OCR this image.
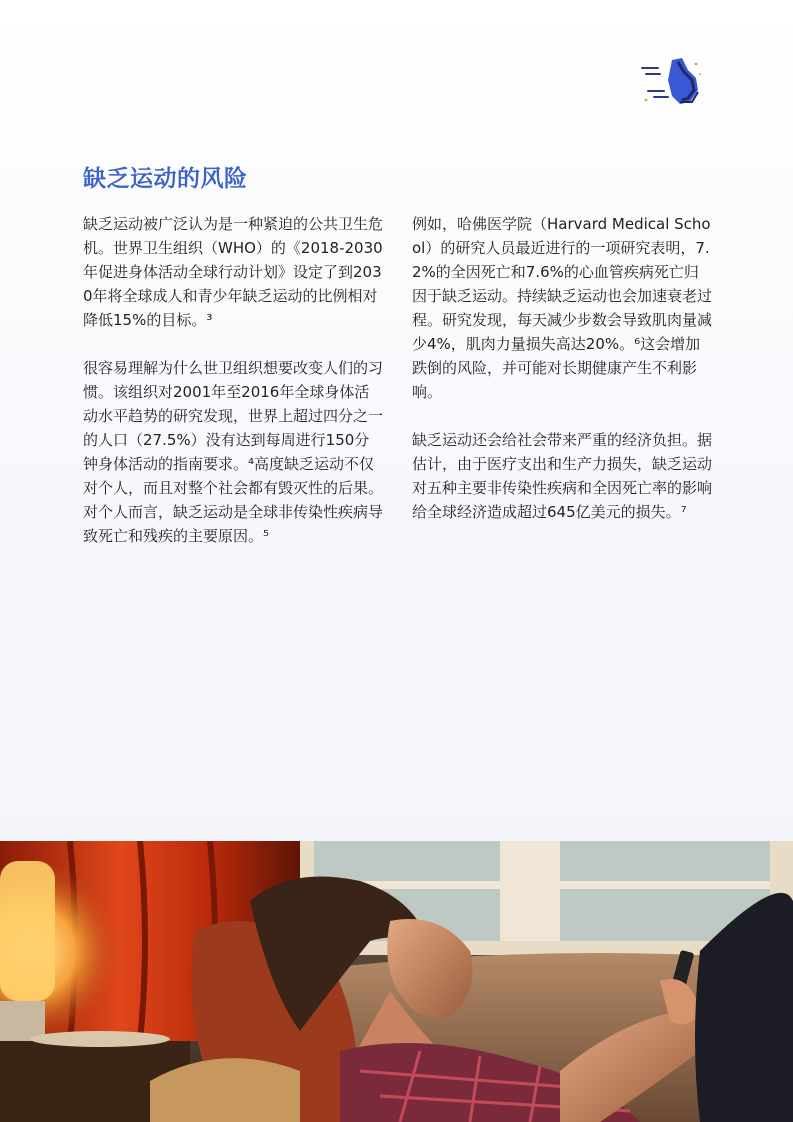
缺乏运动的风险

缺乏运动被广泛认为是一种紧迫的公共卫生危机。世界卫生组织（WHO）的《2018-2030年促进身体活动全球行动计划》设定了到2030年将全球成人和青少年缺乏运动的比例相对降低15%的目标。³

很容易理解为什么世卫组织想要改变人们的习惯。该组织对2001年至2016年全球身体活动水平趋势的研究发现，世界上超过四分之一的人口（27.5%）没有达到每周进行150分钟身体活动的指南要求。⁴高度缺乏运动不仅对个人，而且对整个社会都有毁灭性的后果。对个人而言，缺乏运动是全球非传染性疾病导致死亡和残疾的主要原因。⁵

例如，哈佛医学院（Harvard Medical School）的研究人员最近进行的一项研究表明，7.2%的全因死亡和7.6%的心血管疾病死亡归因于缺乏运动。持续缺乏运动也会加速衰老过程。研究发现，每天减少步数会导致肌肉量减少4%，肌肉力量损失高达20%。⁶这会增加跌倒的风险，并可能对长期健康产生不利影响。

缺乏运动还会给社会带来严重的经济负担。据估计，由于医疗支出和生产力损失，缺乏运动对五种主要非传染性疾病和全因死亡率的影响给全球经济造成超过645亿美元的损失。⁷
